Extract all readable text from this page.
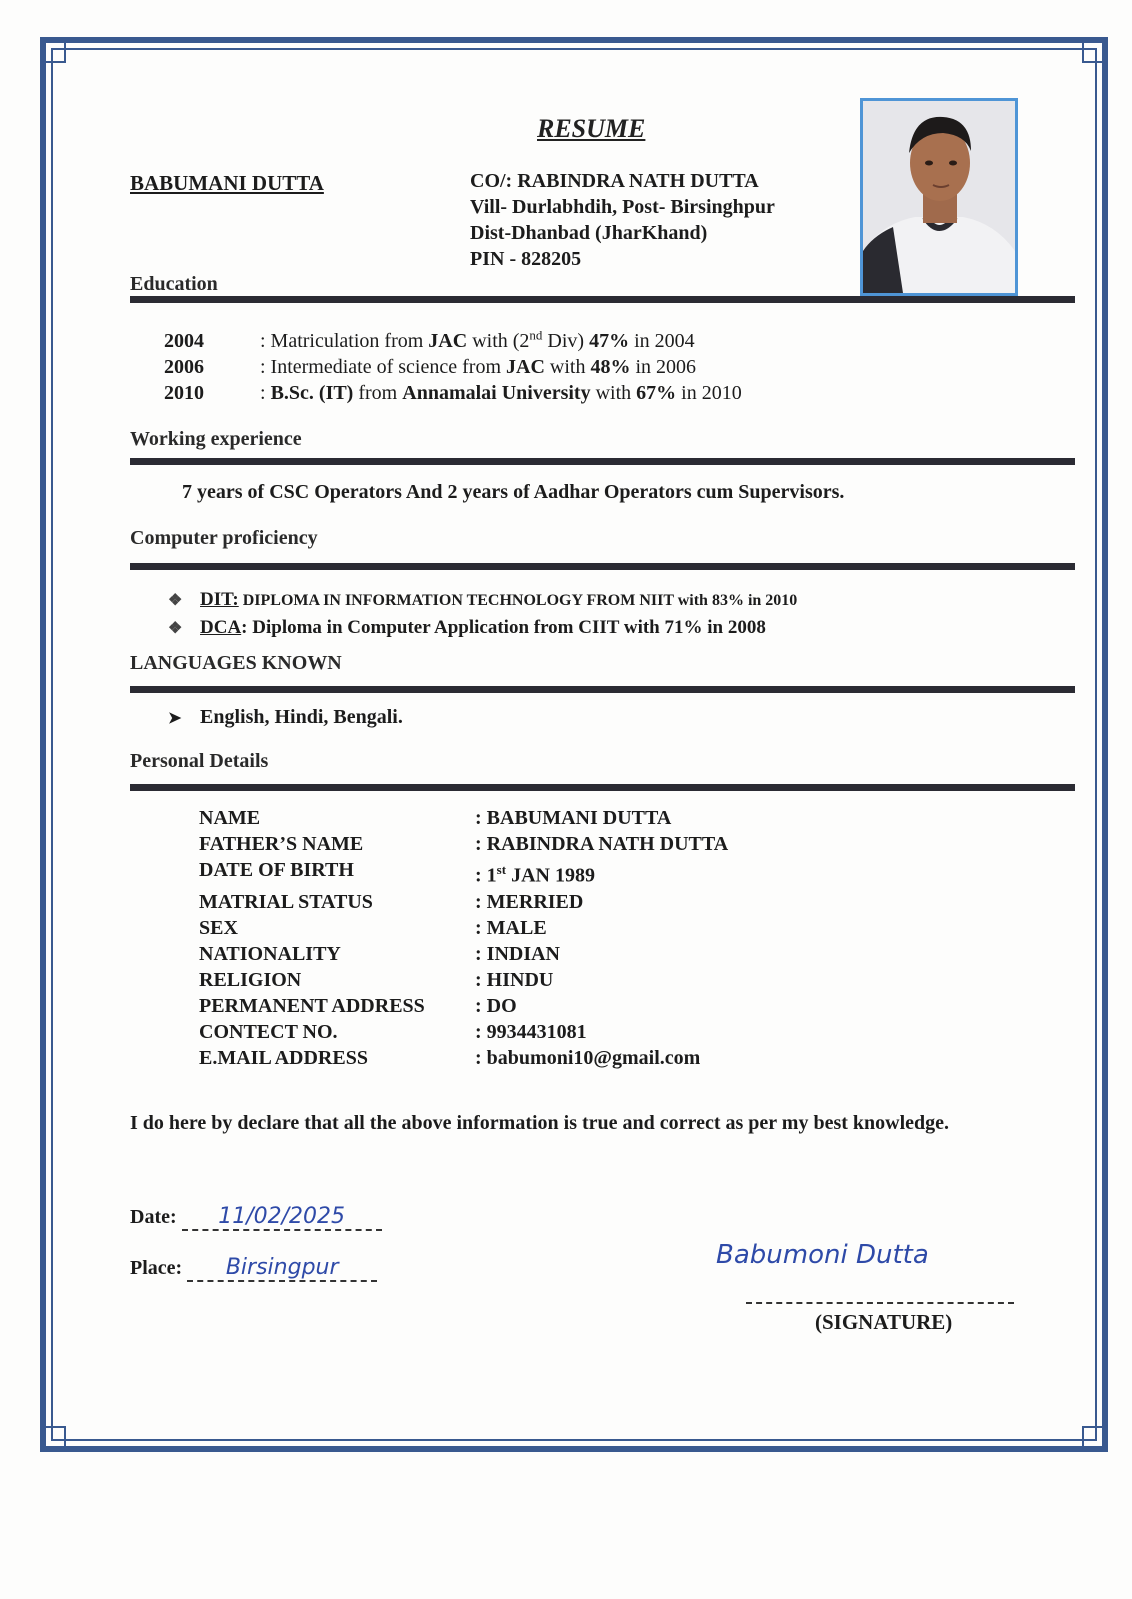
RESUME
BABUMANI DUTTA	CO/: RABINDRA NATH DUTTA
Vill- Durlabhdih, Post- Birsinghpur
Dist-Dhanbad (JharKhand)
PIN - 828205
Education
2004	: Matriculation from JAC with (2nd Div) 47% in 2004
2006	: Intermediate of science from JAC with 48% in 2006
2010	: B.Sc. (IT) from Annamalai University with 67% in 2010
Working experience
7 years of CSC Operators And 2 years of Aadhar Operators cum Supervisors.
Computer proficiency
❖ DIT: DIPLOMA IN INFORMATION TECHNOLOGY FROM NIIT with 83% in 2010
❖ DCA: Diploma in Computer Application from CIIT with 71% in 2008
LANGUAGES KNOWN
➤ English, Hindi, Bengali.
Personal Details
NAME	: BABUMANI DUTTA
FATHER’S NAME	: RABINDRA NATH DUTTA
DATE OF BIRTH	: 1st JAN 1989
MATRIAL STATUS	: MERRIED
SEX	: MALE
NATIONALITY	: INDIAN
RELIGION	: HINDU
PERMANENT ADDRESS	: DO
CONTECT NO.	: 9934431081
E.MAIL ADDRESS	: babumoni10@gmail.com
I do here by declare that all the above information is true and correct as per my best knowledge.
Date: 11/02/2025
Place: Birsingpur	Babumoni Dutta
(SIGNATURE)
